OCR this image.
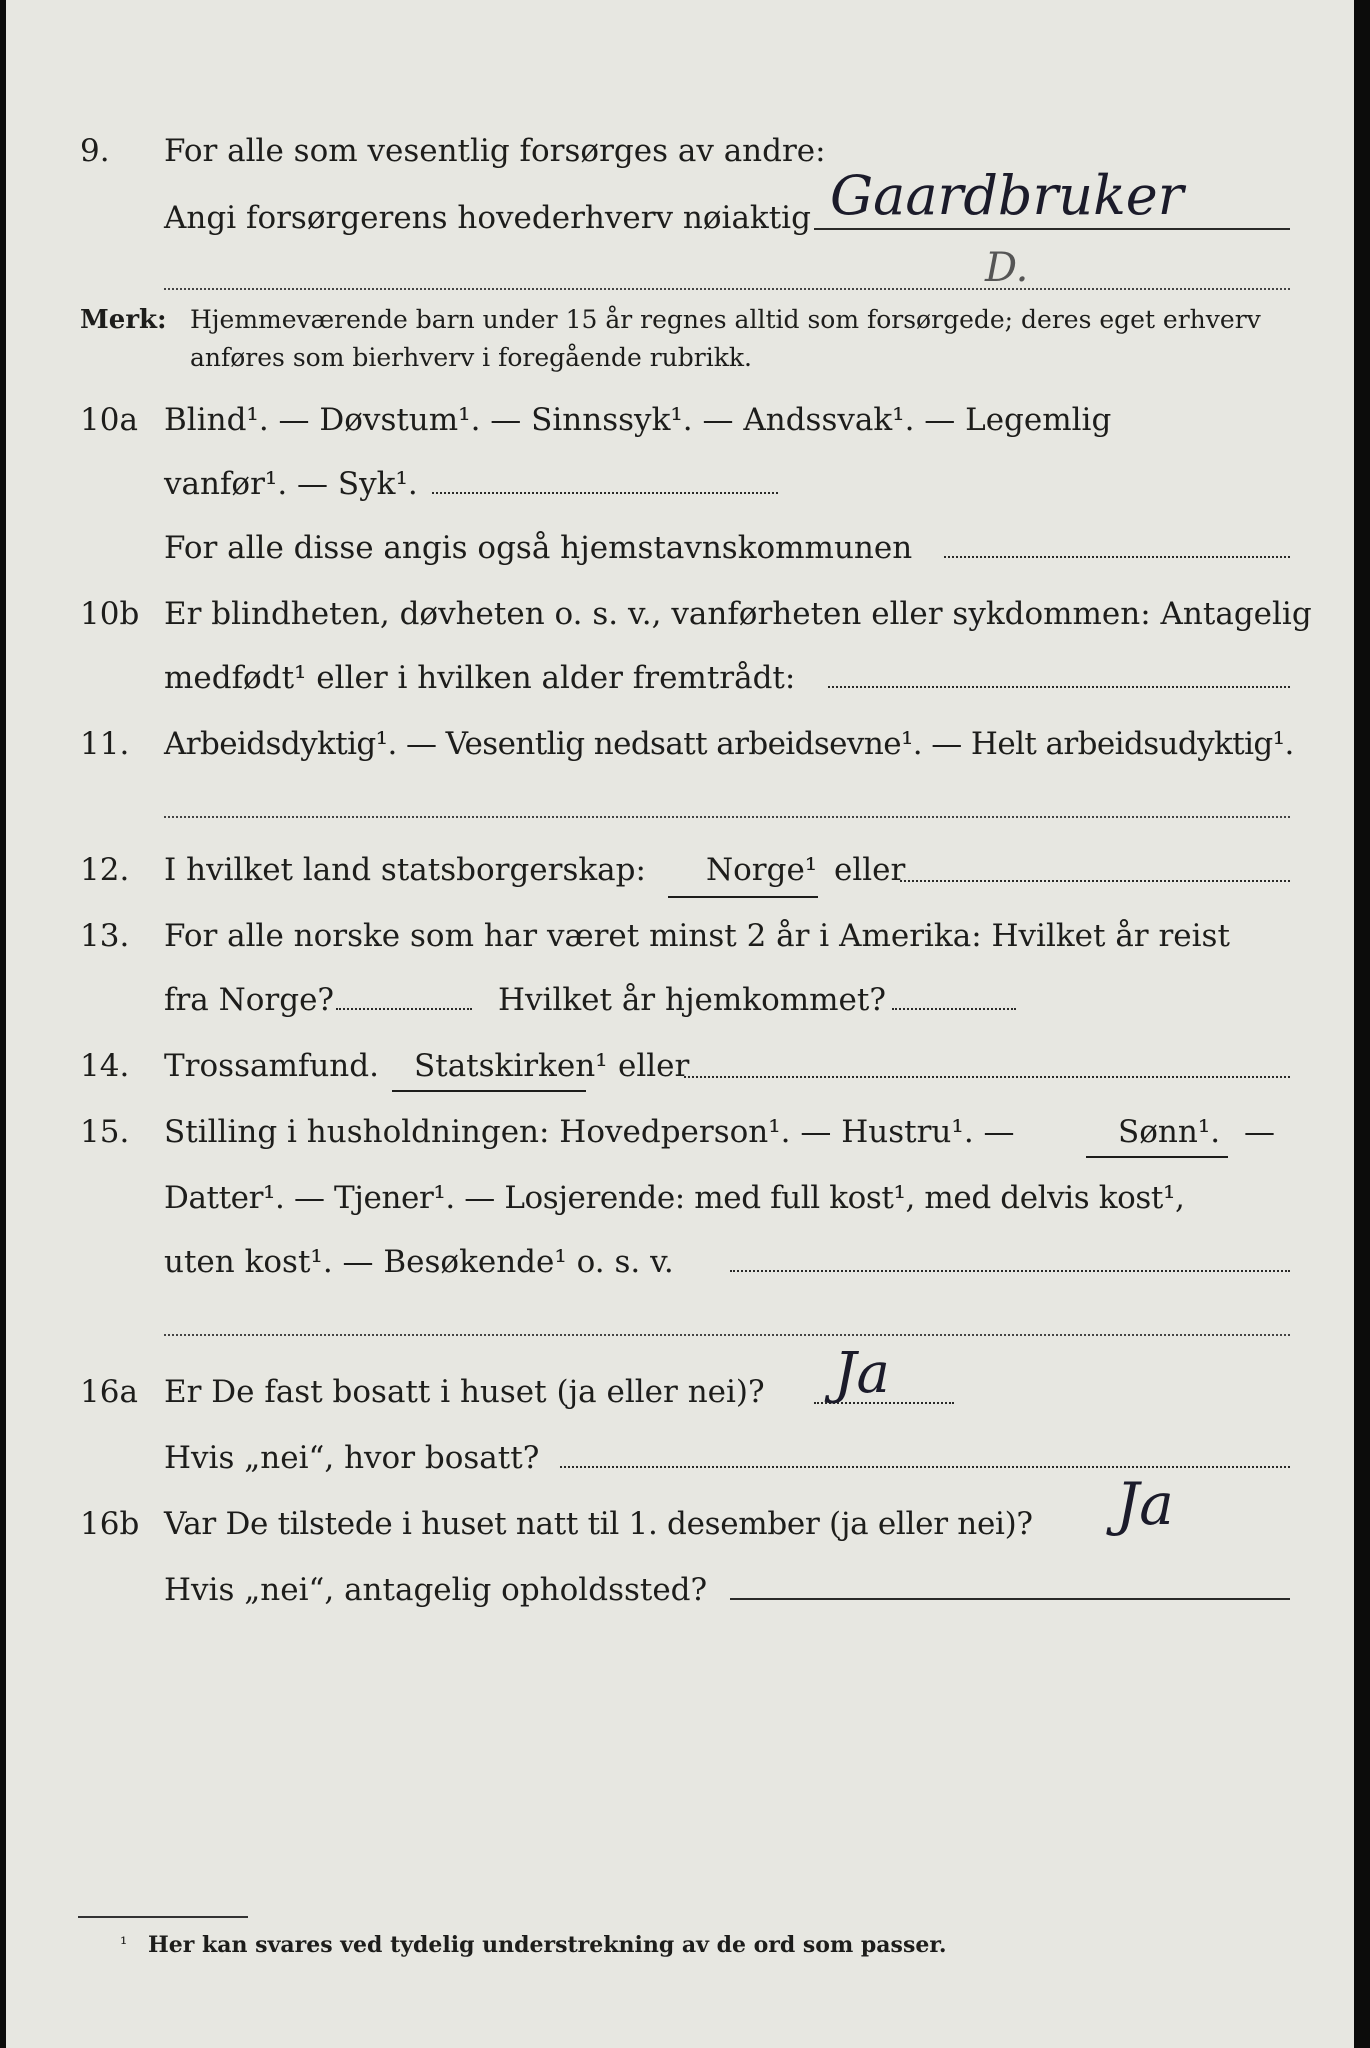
9. For alle som vesentlig forsørges av andre:
Angi forsørgerens hovederhverv nøiaktig Gaardbruker
D.
Merk: Hjemmeværende barn under 15 år regnes alltid som forsørgede; deres eget erhverv
anføres som bierhverv i foregående rubrikk.
10a Blind¹. — Døvstum¹. — Sinnssyk¹. — Andssvak¹. — Legemlig
vanfør¹. — Syk¹.
For alle disse angis også hjemstavnskommunen
10b Er blindheten, døvheten o. s. v., vanførheten eller sykdommen: Antagelig
medfødt¹ eller i hvilken alder fremtrådt:
11. Arbeidsdyktig¹. — Vesentlig nedsatt arbeidsevne¹. — Helt arbeidsudyktig¹.
12. I hvilket land statsborgerskap: Norge¹ eller
13. For alle norske som har været minst 2 år i Amerika: Hvilket år reist
fra Norge?	Hvilket år hjemkommet?
14. Trossamfund. Statskirken¹ eller
15. Stilling i husholdningen: Hovedperson¹. — Hustru¹. —	Sønn¹. —
Datter¹. — Tjener¹. — Losjerende: med full kost¹, med delvis kost¹,
uten kost¹. — Besøkende¹ o. s. v.
16a Er De fast bosatt i huset (ja eller nei)? Ja
Hvis „nei“, hvor bosatt?
16b Var De tilstede i huset natt til 1. desember (ja eller nei)? Ja
Hvis „nei“, antagelig opholdssted?
¹ Her kan svares ved tydelig understrekning av de ord som passer.
